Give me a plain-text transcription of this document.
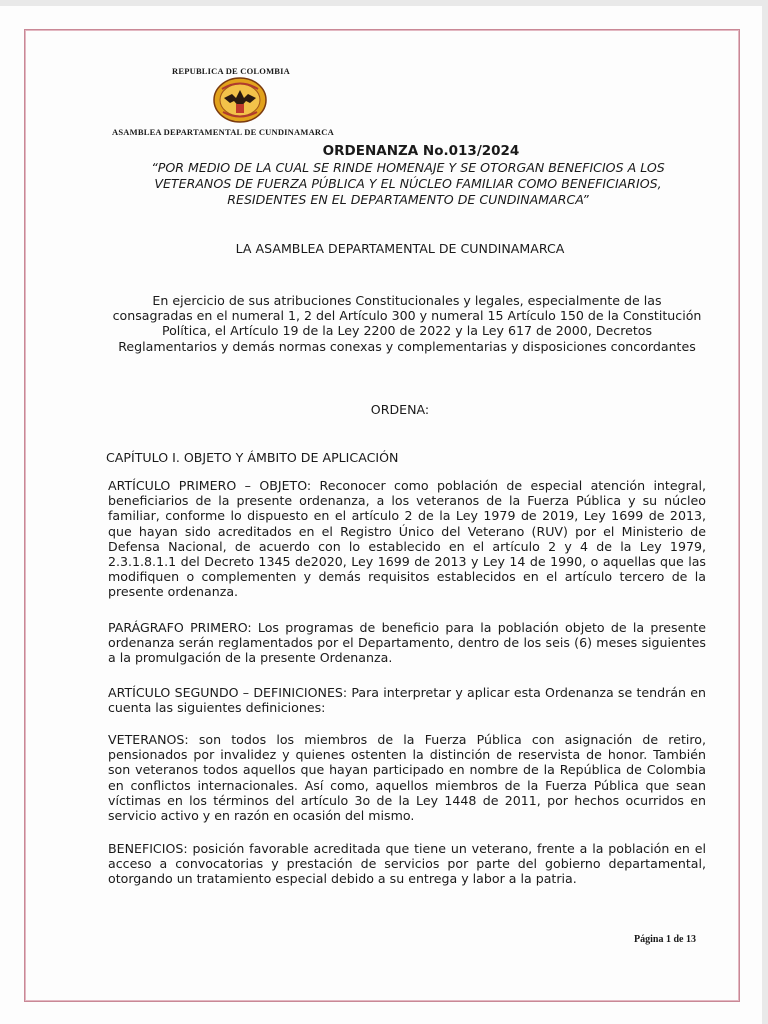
REPUBLICA DE COLOMBIA
ASAMBLEA DEPARTAMENTAL DE CUNDINAMARCA
ORDENANZA No.013/2024
“POR MEDIO DE LA CUAL SE RINDE HOMENAJE Y SE OTORGAN BENEFICIOS A LOS
VETERANOS DE FUERZA PÚBLICA Y EL NÚCLEO FAMILIAR COMO BENEFICIARIOS,
RESIDENTES EN EL DEPARTAMENTO DE CUNDINAMARCA”
LA ASAMBLEA DEPARTAMENTAL DE CUNDINAMARCA
En ejercicio de sus atribuciones Constitucionales y legales, especialmente de las consagradas en el numeral 1, 2 del Artículo 300 y numeral 15 Artículo 150 de la Constitución Política, el Artículo 19 de la Ley 2200 de 2022 y la Ley 617 de 2000, Decretos Reglamentarios y demás normas conexas y complementarias y disposiciones concordantes
ORDENA:
CAPÍTULO I. OBJETO Y ÁMBITO DE APLICACIÓN
ARTÍCULO PRIMERO – OBJETO: Reconocer como población de especial atención integral, beneficiarios de la presente ordenanza, a los veteranos de la Fuerza Pública y su núcleo familiar, conforme lo dispuesto en el artículo 2 de la Ley 1979 de 2019, Ley 1699 de 2013, que hayan sido acreditados en el Registro Único del Veterano (RUV) por el Ministerio de Defensa Nacional, de acuerdo con lo establecido en el artículo 2 y 4 de la Ley 1979, 2.3.1.8.1.1 del Decreto 1345 de2020, Ley 1699 de 2013 y Ley 14 de 1990, o aquellas que las modifiquen o complementen y demás requisitos establecidos en el artículo tercero de la presente ordenanza.
PARÁGRAFO PRIMERO: Los programas de beneficio para la población objeto de la presente ordenanza serán reglamentados por el Departamento, dentro de los seis (6) meses siguientes a la promulgación de la presente Ordenanza.
ARTÍCULO SEGUNDO – DEFINICIONES: Para interpretar y aplicar esta Ordenanza se tendrán en cuenta las siguientes definiciones:
VETERANOS: son todos los miembros de la Fuerza Pública con asignación de retiro, pensionados por invalidez y quienes ostenten la distinción de reservista de honor. También son veteranos todos aquellos que hayan participado en nombre de la República de Colombia en conflictos internacionales. Así como, aquellos miembros de la Fuerza Pública que sean víctimas en los términos del artículo 3o de la Ley 1448 de 2011, por hechos ocurridos en servicio activo y en razón en ocasión del mismo.
BENEFICIOS: posición favorable acreditada que tiene un veterano, frente a la población en el acceso a convocatorias y prestación de servicios por parte del gobierno departamental, otorgando un tratamiento especial debido a su entrega y labor a la patria.
Página 1 de 13
